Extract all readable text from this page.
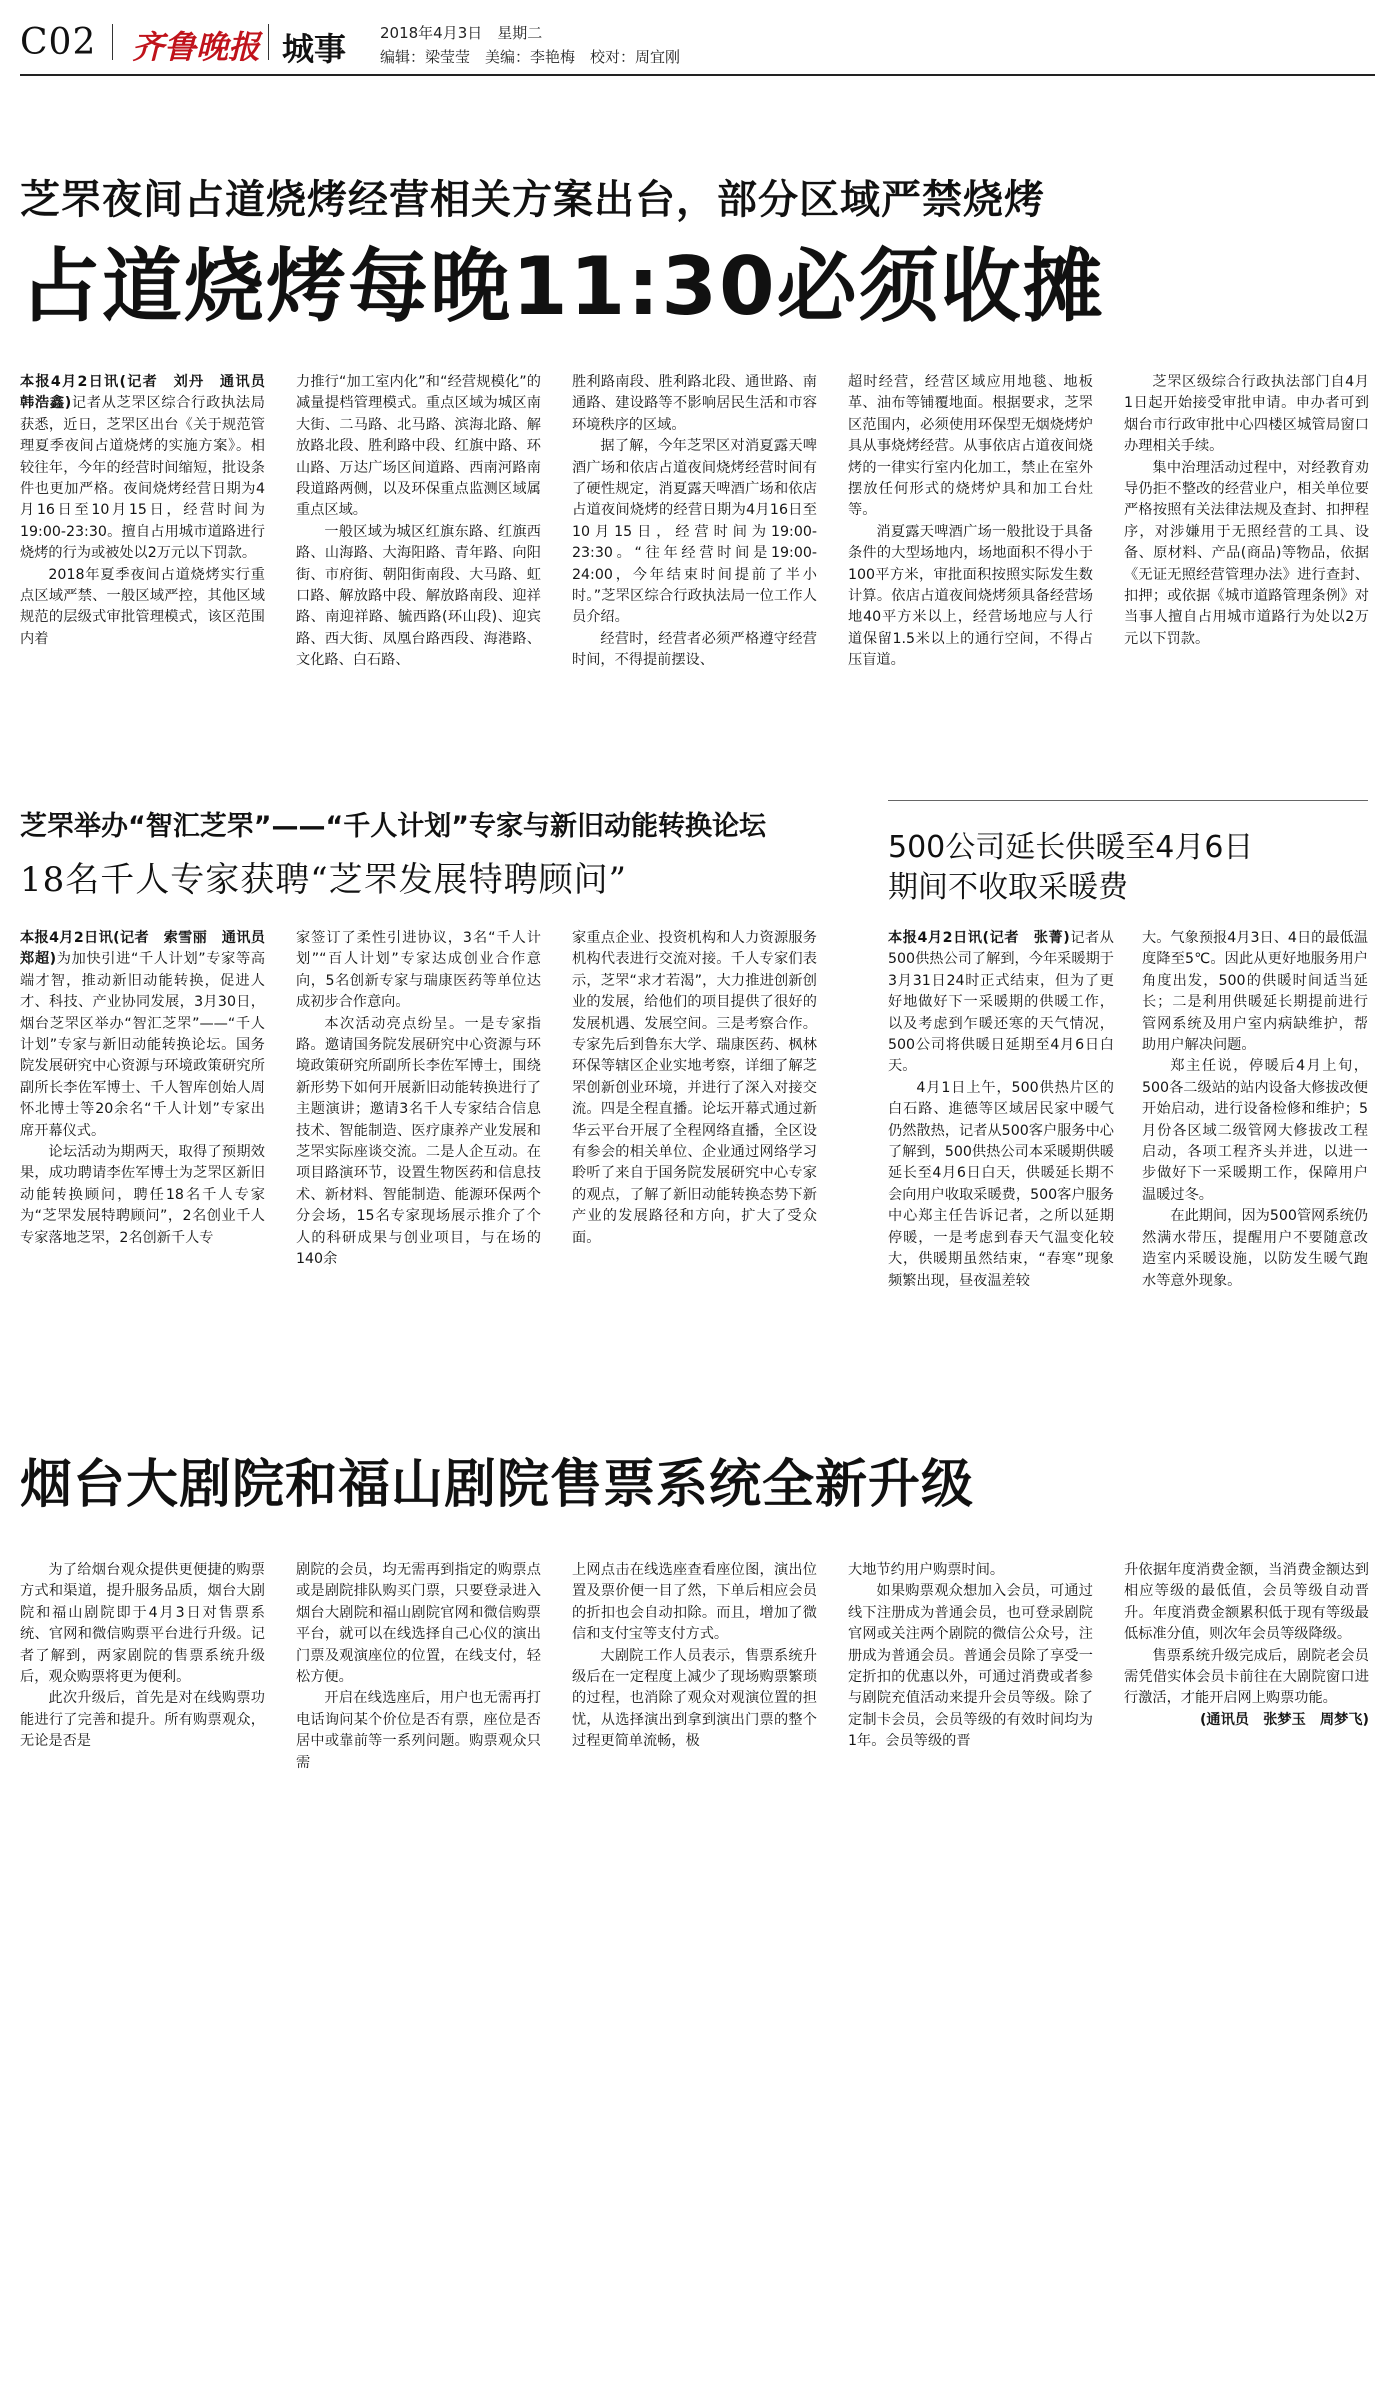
C02 齐鲁晚报 城事 2018年4月3日　星期二
编辑：梁莹莹　美编：李艳梅　校对：周宜刚
芝罘夜间占道烧烤经营相关方案出台，部分区域严禁烧烤
占道烧烤每晚11:30必须收摊

本报4月2日讯(记者　刘丹　通讯员　韩浩鑫)记者从芝罘区综合行政执法局获悉，近日，芝罘区出台《关于规范管理夏季夜间占道烧烤的实施方案》。相较往年，今年的经营时间缩短，批设条件也更加严格。夜间烧烤经营日期为4月16日至10月15日，经营时间为19:00-23:30。擅自占用城市道路进行烧烤的行为或被处以2万元以下罚款。

2018年夏季夜间占道烧烤实行重点区域严禁、一般区域严控，其他区域规范的层级式审批管理模式，该区范围内着

力推行“加工室内化”和“经营规模化”的减量提档管理模式。重点区域为城区南大街、二马路、北马路、滨海北路、解放路北段、胜利路中段、红旗中路、环山路、万达广场区间道路、西南河路南段道路两侧，以及环保重点监测区域属重点区域。

一般区域为城区红旗东路、红旗西路、山海路、大海阳路、青年路、向阳街、市府街、朝阳街南段、大马路、虹口路、解放路中段、解放路南段、迎祥路、南迎祥路、毓西路(环山段)、迎宾路、西大街、凤凰台路西段、海港路、文化路、白石路、

胜利路南段、胜利路北段、通世路、南通路、建设路等不影响居民生活和市容环境秩序的区域。

据了解，今年芝罘区对消夏露天啤酒广场和依店占道夜间烧烤经营时间有了硬性规定，消夏露天啤酒广场和依店占道夜间烧烤的经营日期为4月16日至10月15日，经营时间为19:00-23:30。“往年经营时间是19:00-24:00，今年结束时间提前了半小时。”芝罘区综合行政执法局一位工作人员介绍。

经营时，经营者必须严格遵守经营时间，不得提前摆设、

超时经营，经营区域应用地毯、地板革、油布等铺覆地面。根据要求，芝罘区范围内，必须使用环保型无烟烧烤炉具从事烧烤经营。从事依店占道夜间烧烤的一律实行室内化加工，禁止在室外摆放任何形式的烧烤炉具和加工台灶等。

消夏露天啤酒广场一般批设于具备条件的大型场地内，场地面积不得小于100平方米，审批面积按照实际发生数计算。依店占道夜间烧烤须具备经营场地40平方米以上，经营场地应与人行道保留1.5米以上的通行空间，不得占压盲道。

芝罘区级综合行政执法部门自4月1日起开始接受审批申请。申办者可到烟台市行政审批中心四楼区城管局窗口办理相关手续。

集中治理活动过程中，对经教育劝导仍拒不整改的经营业户，相关单位要严格按照有关法律法规及查封、扣押程序，对涉嫌用于无照经营的工具、设备、原材料、产品(商品)等物品，依据《无证无照经营管理办法》进行查封、扣押；或依据《城市道路管理条例》对当事人擅自占用城市道路行为处以2万元以下罚款。

芝罘举办“智汇芝罘”——“千人计划”专家与新旧动能转换论坛
18名千人专家获聘“芝罘发展特聘顾问”

本报4月2日讯(记者　索雪丽　通讯员　郑超)为加快引进“千人计划”专家等高端才智，推动新旧动能转换，促进人才、科技、产业协同发展，3月30日，烟台芝罘区举办“智汇芝罘”——“千人计划”专家与新旧动能转换论坛。国务院发展研究中心资源与环境政策研究所副所长李佐军博士、千人智库创始人周怀北博士等20余名“千人计划”专家出席开幕仪式。

论坛活动为期两天，取得了预期效果，成功聘请李佐军博士为芝罘区新旧动能转换顾问，聘任18名千人专家为“芝罘发展特聘顾问”，2名创业千人专家落地芝罘，2名创新千人专

家签订了柔性引进协议，3名“千人计划”“百人计划”专家达成创业合作意向，5名创新专家与瑞康医药等单位达成初步合作意向。

本次活动亮点纷呈。一是专家指路。邀请国务院发展研究中心资源与环境政策研究所副所长李佐军博士，围绕新形势下如何开展新旧动能转换进行了主题演讲；邀请3名千人专家结合信息技术、智能制造、医疗康养产业发展和芝罘实际座谈交流。二是人企互动。在项目路演环节，设置生物医药和信息技术、新材料、智能制造、能源环保两个分会场，15名专家现场展示推介了个人的科研成果与创业项目，与在场的140余

家重点企业、投资机构和人力资源服务机构代表进行交流对接。千人专家们表示，芝罘“求才若渴”，大力推进创新创业的发展，给他们的项目提供了很好的发展机遇、发展空间。三是考察合作。专家先后到鲁东大学、瑞康医药、枫林环保等辖区企业实地考察，详细了解芝罘创新创业环境，并进行了深入对接交流。四是全程直播。论坛开幕式通过新华云平台开展了全程网络直播，全区设有参会的相关单位、企业通过网络学习聆听了来自于国务院发展研究中心专家的观点，了解了新旧动能转换态势下新产业的发展路径和方向，扩大了受众面。

500公司延长供暖至4月6日
期间不收取采暖费

本报4月2日讯(记者　张菁)记者从500供热公司了解到，今年采暖期于3月31日24时正式结束，但为了更好地做好下一采暖期的供暖工作，以及考虑到乍暖还寒的天气情况，500公司将供暖日延期至4月6日白天。

4月1日上午，500供热片区的白石路、進德等区域居民家中暖气仍然散热，记者从500客户服务中心了解到，500供热公司本采暖期供暖延长至4月6日白天，供暖延长期不会向用户收取采暖费，500客户服务中心郑主任告诉记者，之所以延期停暖，一是考虑到春天气温变化较大，供暖期虽然结束，“春寒”现象频繁出现，昼夜温差较

大。气象预报4月3日、4日的最低温度降至5℃。因此从更好地服务用户角度出发，500的供暖时间适当延长；二是利用供暖延长期提前进行管网系统及用户室内病缺维护，帮助用户解决问题。

郑主任说，停暖后4月上旬，500各二级站的站内设备大修拔改便开始启动，进行设备检修和维护；5月份各区域二级管网大修拔改工程启动，各项工程齐头并进，以进一步做好下一采暖期工作，保障用户温暖过冬。

在此期间，因为500管网系统仍然满水带压，提醒用户不要随意改造室内采暖设施，以防发生暖气跑水等意外现象。

烟台大剧院和福山剧院售票系统全新升级

为了给烟台观众提供更便捷的购票方式和渠道，提升服务品质，烟台大剧院和福山剧院即于4月3日对售票系统、官网和微信购票平台进行升级。记者了解到，两家剧院的售票系统升级后，观众购票将更为便利。

此次升级后，首先是对在线购票功能进行了完善和提升。所有购票观众，无论是否是

剧院的会员，均无需再到指定的购票点或是剧院排队购买门票，只要登录进入烟台大剧院和福山剧院官网和微信购票平台，就可以在线选择自己心仪的演出门票及观演座位的位置，在线支付，轻松方便。

开启在线选座后，用户也无需再打电话询问某个价位是否有票，座位是否居中或靠前等一系列问题。购票观众只需

上网点击在线选座查看座位图，演出位置及票价便一目了然，下单后相应会员的折扣也会自动扣除。而且，增加了微信和支付宝等支付方式。

大剧院工作人员表示，售票系统升级后在一定程度上减少了现场购票繁琐的过程，也消除了观众对观演位置的担忧，从选择演出到拿到演出门票的整个过程更简单流畅，极

大地节约用户购票时间。

如果购票观众想加入会员，可通过线下注册成为普通会员，也可登录剧院官网或关注两个剧院的微信公众号，注册成为普通会员。普通会员除了享受一定折扣的优惠以外，可通过消费或者参与剧院充值活动来提升会员等级。除了定制卡会员，会员等级的有效时间均为1年。会员等级的晋

升依据年度消费金额，当消费金额达到相应等级的最低值，会员等级自动晋升。年度消费金额累积低于现有等级最低标准分值，则次年会员等级降级。

售票系统升级完成后，剧院老会员需凭借实体会员卡前往在大剧院窗口进行激活，才能开启网上购票功能。

(通讯员　张梦玉　周梦飞)
